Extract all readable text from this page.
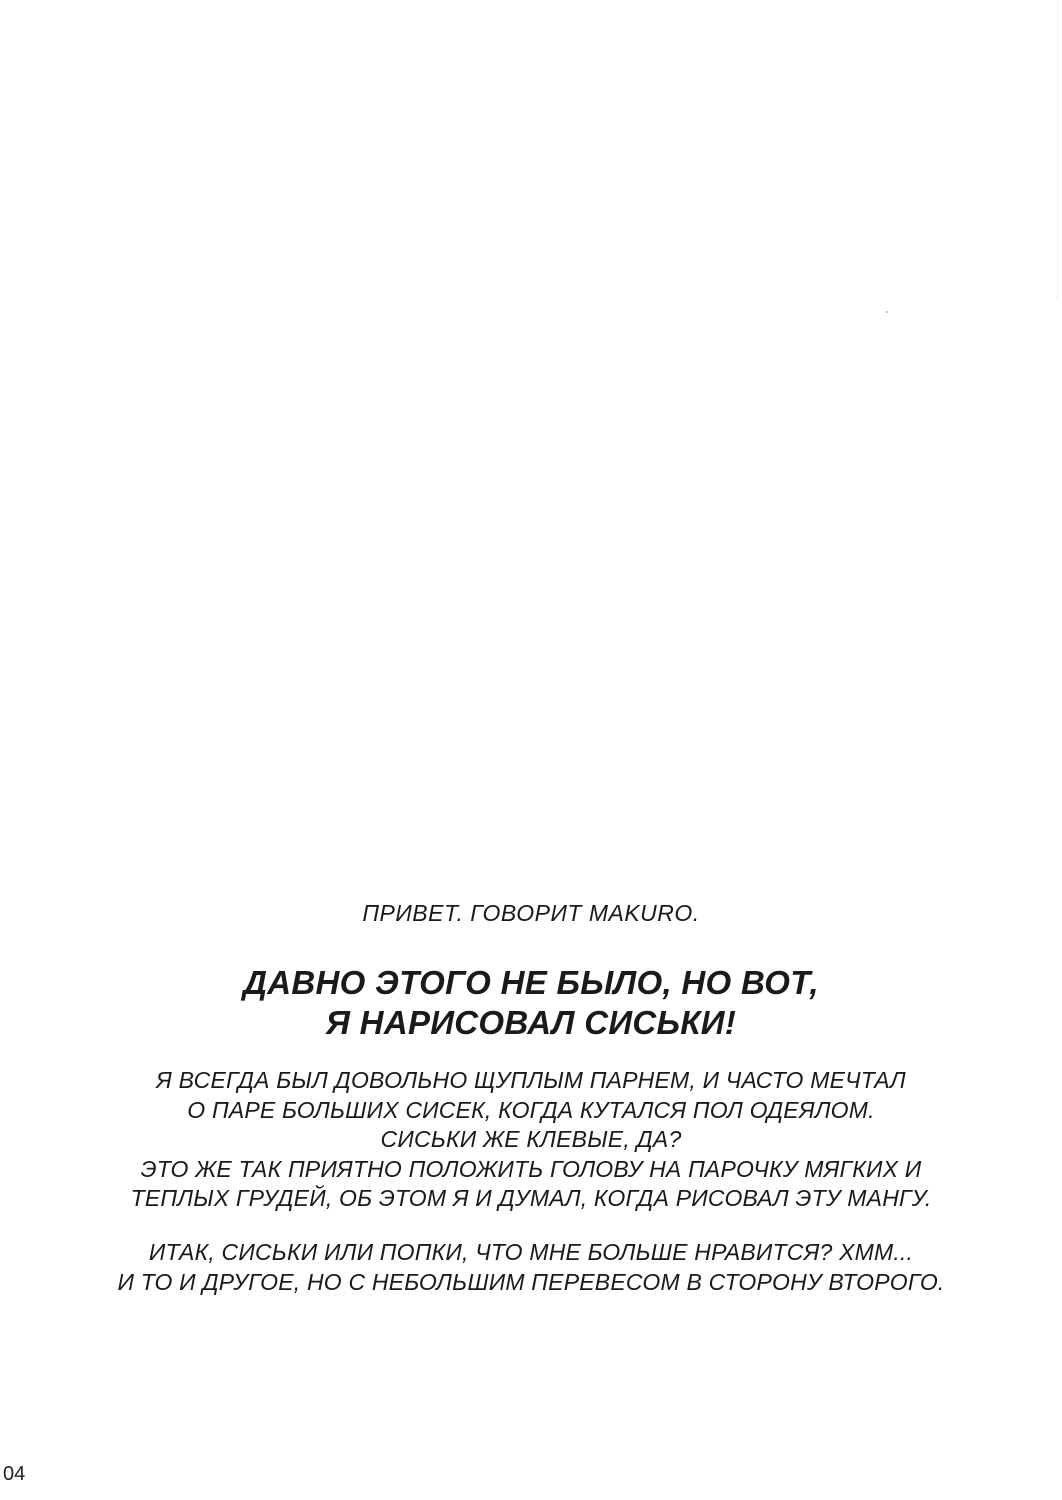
ПРИВЕТ. ГОВОРИТ MAKURO.
ДАВНО ЭТОГО НЕ БЫЛО, НО ВОТ,
Я НАРИСОВАЛ СИСЬКИ!
Я ВСЕГДА БЫЛ ДОВОЛЬНО ЩУПЛЫМ ПАРНЕМ, И ЧАСТО МЕЧТАЛ
О ПАРЕ БОЛЬШИХ СИСЕК, КОГДА КУТАЛСЯ ПОЛ ОДЕЯЛОМ.
СИСЬКИ ЖЕ КЛЕВЫЕ, ДА?
ЭТО ЖЕ ТАК ПРИЯТНО ПОЛОЖИТЬ ГОЛОВУ НА ПАРОЧКУ МЯГКИХ И
ТЕПЛЫХ ГРУДЕЙ, ОБ ЭТОМ Я И ДУМАЛ, КОГДА РИСОВАЛ ЭТУ МАНГУ.
ИТАК, СИСЬКИ ИЛИ ПОПКИ, ЧТО МНЕ БОЛЬШЕ НРАВИТСЯ? ХММ...
И ТО И ДРУГОЕ, НО С НЕБОЛЬШИМ ПЕРЕВЕСОМ В СТОРОНУ ВТОРОГО.
04
